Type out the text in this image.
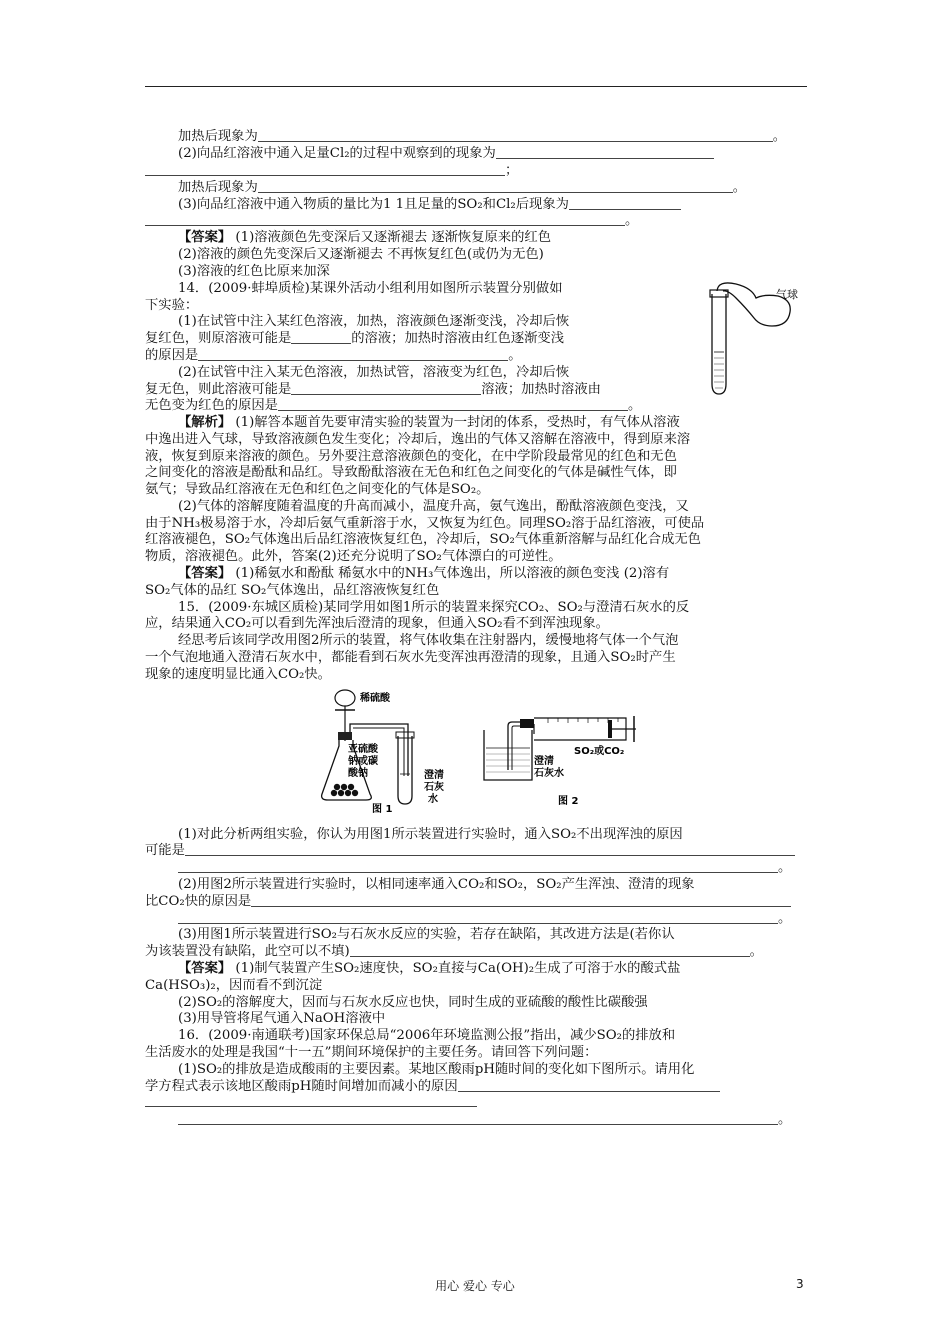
加热后现象为	。
(2)向品红溶液中通入足量Cl₂的过程中观察到的现象为
；
加热后现象为	。
(3)向品红溶液中通入物质的量比为1 1且足量的SO₂和Cl₂后现象为
。
【答案】 (1)溶液颜色先变深后又逐渐褪去 逐渐恢复原来的红色
(2)溶液的颜色先变深后又逐渐褪去 不再恢复红色(或仍为无色)
(3)溶液的红色比原来加深
14．(2009·蚌埠质检)某课外活动小组利用如图所示装置分别做如
下实验：
(1)在试管中注入某红色溶液，加热，溶液颜色逐渐变浅，冷却后恢
复红色，则原溶液可能是	的溶液；加热时溶液由红色逐渐变浅
的原因是	。
(2)在试管中注入某无色溶液，加热试管，溶液变为红色，冷却后恢
复无色，则此溶液可能是	溶液；加热时溶液由
无色变为红色的原因是	。
气球
【解析】 (1)解答本题首先要审清实验的装置为一封闭的体系，受热时，有气体从溶液
中逸出进入气球，导致溶液颜色发生变化；冷却后，逸出的气体又溶解在溶液中，得到原来溶
液，恢复到原来溶液的颜色。另外要注意溶液颜色的变化，在中学阶段最常见的红色和无色
之间变化的溶液是酚酞和品红。导致酚酞溶液在无色和红色之间变化的气体是碱性气体，即
氨气；导致品红溶液在无色和红色之间变化的气体是SO₂。
(2)气体的溶解度随着温度的升高而减小，温度升高，氨气逸出，酚酞溶液颜色变浅，又
由于NH₃极易溶于水，冷却后氨气重新溶于水，又恢复为红色。同理SO₂溶于品红溶液，可使品
红溶液褪色，SO₂气体逸出后品红溶液恢复红色，冷却后，SO₂气体重新溶解与品红化合成无色
物质，溶液褪色。此外，答案(2)还充分说明了SO₂气体漂白的可逆性。
【答案】 (1)稀氨水和酚酞 稀氨水中的NH₃气体逸出，所以溶液的颜色变浅 (2)溶有
SO₂气体的品红 SO₂气体逸出，品红溶液恢复红色
15．(2009·东城区质检)某同学用如图1所示的装置来探究CO₂、SO₂与澄清石灰水的反
应，结果通入CO₂可以看到先浑浊后澄清的现象，但通入SO₂看不到浑浊现象。
经思考后该同学改用图2所示的装置，将气体收集在注射器内，缓慢地将气体一个气泡
一个气泡地通入澄清石灰水中，都能看到石灰水先变浑浊再澄清的现象，且通入SO₂时产生
现象的速度明显比通入CO₂快。
稀硫酸
亚硫酸
钠或碳
酸钠	澄清
石灰
水
图 1
澄清
石灰水
SO₂或CO₂
图 2
(1)对此分析两组实验，你认为用图1所示装置进行实验时，通入SO₂不出现浑浊的原因
可能是
。
(2)用图2所示装置进行实验时，以相同速率通入CO₂和SO₂，SO₂产生浑浊、澄清的现象
比CO₂快的原因是
。
(3)用图1所示装置进行SO₂与石灰水反应的实验，若存在缺陷，其改进方法是(若你认
为该装置没有缺陷，此空可以不填)	。
【答案】 (1)制气装置产生SO₂速度快，SO₂直接与Ca(OH)₂生成了可溶于水的酸式盐
Ca(HSO₃)₂，因而看不到沉淀
(2)SO₂的溶解度大，因而与石灰水反应也快，同时生成的亚硫酸的酸性比碳酸强
(3)用导管将尾气通入NaOH溶液中
16．(2009·南通联考)国家环保总局“2006年环境监测公报”指出，减少SO₂的排放和
生活废水的处理是我国“十一五”期间环境保护的主要任务。请回答下列问题：
(1)SO₂的排放是造成酸雨的主要因素。某地区酸雨pH随时间的变化如下图所示。请用化
学方程式表示该地区酸雨pH随时间增加而减小的原因
。
用心 爱心 专心	3
